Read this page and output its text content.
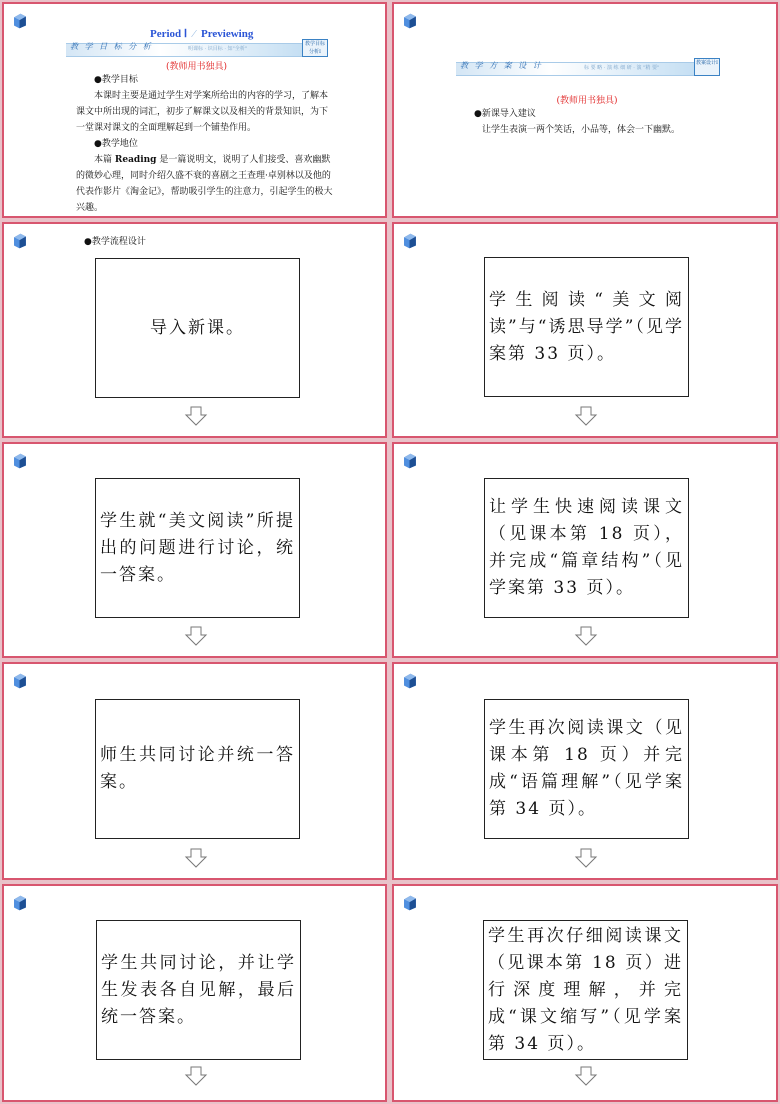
Period Ⅰ ⁄ Previewing
教 学 目 标 分 析	明课标 · 识目标 · 知"全析"
教学目标分析Ⅰ
(教师用书独具)

●教学目标

本课时主要是通过学生对学案所给出的内容的学习，了解本课文中所出现的词汇，初步了解课文以及相关的背景知识，为下一堂课对课文的全面理解起到一个铺垫作用。

●教学地位

本篇 Reading 是一篇说明文，说明了人们接受、喜欢幽默的微妙心理，同时介绍久盛不衰的喜剧之王查理·卓别林以及他的代表作影片《淘金记》，帮助吸引学生的注意力，引起学生的极大兴趣。

教 学 方 案 设 计	标 要 略 · 演 练 细 研 · 演 "精 要"
教案设计Ⅰ
(教师用书独具)

●新课导入建议

让学生表演一两个笑话，小品等，体会一下幽默。

●教学流程设计

导入新课。
学生阅读“美文阅读”与“诱思导学”（见学案第 33 页）。
学生就“美文阅读”所提出的问题进行讨论，统一答案。
让学生快速阅读课文（见课本第 18 页），并完成“篇章结构”（见学案第 33 页）。
师生共同讨论并统一答案。
学生再次阅读课文（见课本第 18 页）并完成“语篇理解”（见学案第 34 页）。
学生共同讨论，并让学生发表各自见解，最后统一答案。
学生再次仔细阅读课文（见课本第 18 页）进行深度理解，并完成“课文缩写”（见学案第 34 页）。
